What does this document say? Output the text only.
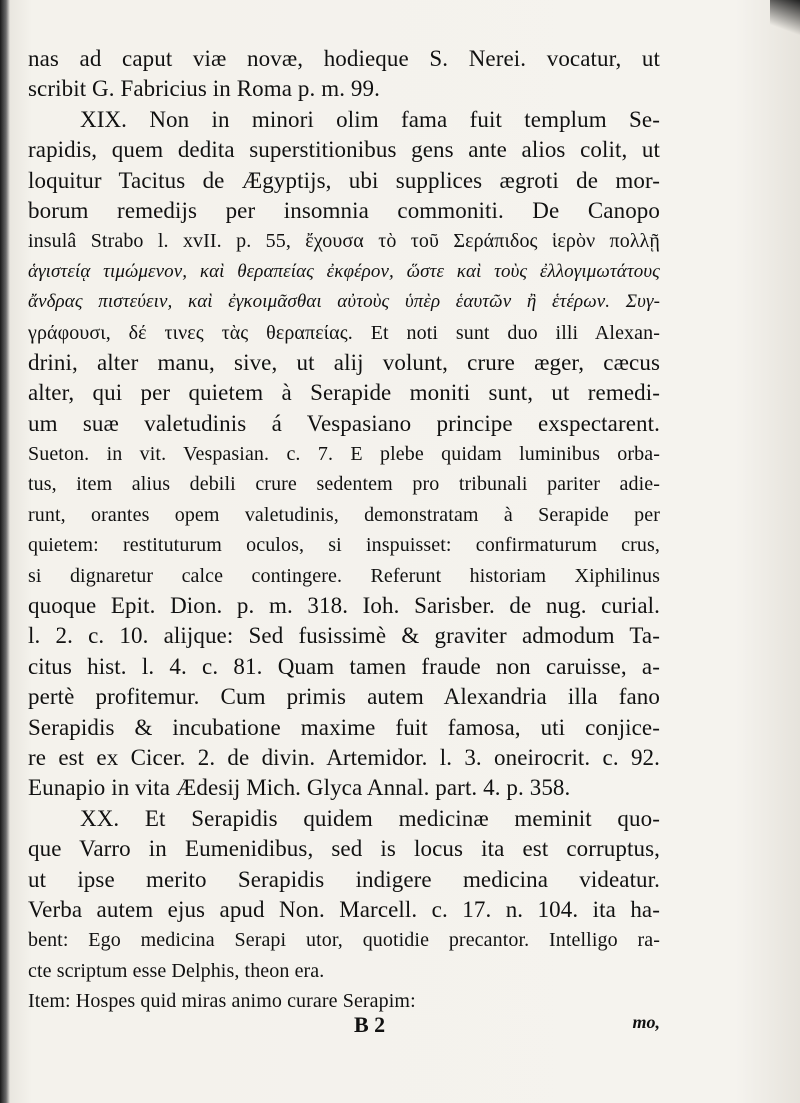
nas ad caput viæ novæ, hodieque S. Nerei. vocatur, ut
scribit G. Fabricius in Roma p. m. 99.
XIX. Non in minori olim fama fuit templum Se-
rapidis, quem dedita superstitionibus gens ante alios colit, ut
loquitur Tacitus de Ægyptijs, ubi supplices ægroti de mor-
borum remedijs per insomnia commoniti. De Canopo
insulâ Strabo l. xvII. p. 55, ἔχουσα τὸ τοῦ Σεράπιδος ἱερὸν πολλῇ
ἁγιστείᾳ τιμώμενον, καὶ θεραπείας ἐκφέρον, ὥστε καὶ τοὺς ἐλλογιμωτάτους
ἄνδρας πιστεύειν, καὶ ἐγκοιμᾶσθαι αὐτοὺς ὑπὲρ ἑαυτῶν ἢ ἑτέρων. Συγ-
γράφουσι, δέ τινες τὰς θεραπείας. Et noti sunt duo illi Alexan-
drini, alter manu, sive, ut alij volunt, crure æger, cæcus
alter, qui per quietem à Serapide moniti sunt, ut remedi-
um suæ valetudinis á Vespasiano principe exspectarent.
Sueton. in vit. Vespasian. c. 7. E plebe quidam luminibus orba-
tus, item alius debili crure sedentem pro tribunali pariter adie-
runt, orantes opem valetudinis, demonstratam à Serapide per
quietem: restituturum oculos, si inspuisset: confirmaturum crus,
si dignaretur calce contingere. Referunt historiam Xiphilinus
quoque Epit. Dion. p. m. 318. Ioh. Sarisber. de nug. curial.
l. 2. c. 10. alijque: Sed fusissimè & graviter admodum Ta-
citus hist. l. 4. c. 81. Quam tamen fraude non caruisse, a-
pertè profitemur. Cum primis autem Alexandria illa fano
Serapidis & incubatione maxime fuit famosa, uti conjice-
re est ex Cicer. 2. de divin. Artemidor. l. 3. oneirocrit. c. 92.
Eunapio in vita Ædesij Mich. Glyca Annal. part. 4. p. 358.
XX. Et Serapidis quidem medicinæ meminit quo-
que Varro in Eumenidibus, sed is locus ita est corruptus,
ut ipse merito Serapidis indigere medicina videatur.
Verba autem ejus apud Non. Marcell. c. 17. n. 104. ita ha-
bent: Ego medicina Serapi utor, quotidie precantor. Intelligo ra-
cte scriptum esse Delphis, theon era.
Item: Hospes quid miras animo curare Serapim:
B 2	mo,
